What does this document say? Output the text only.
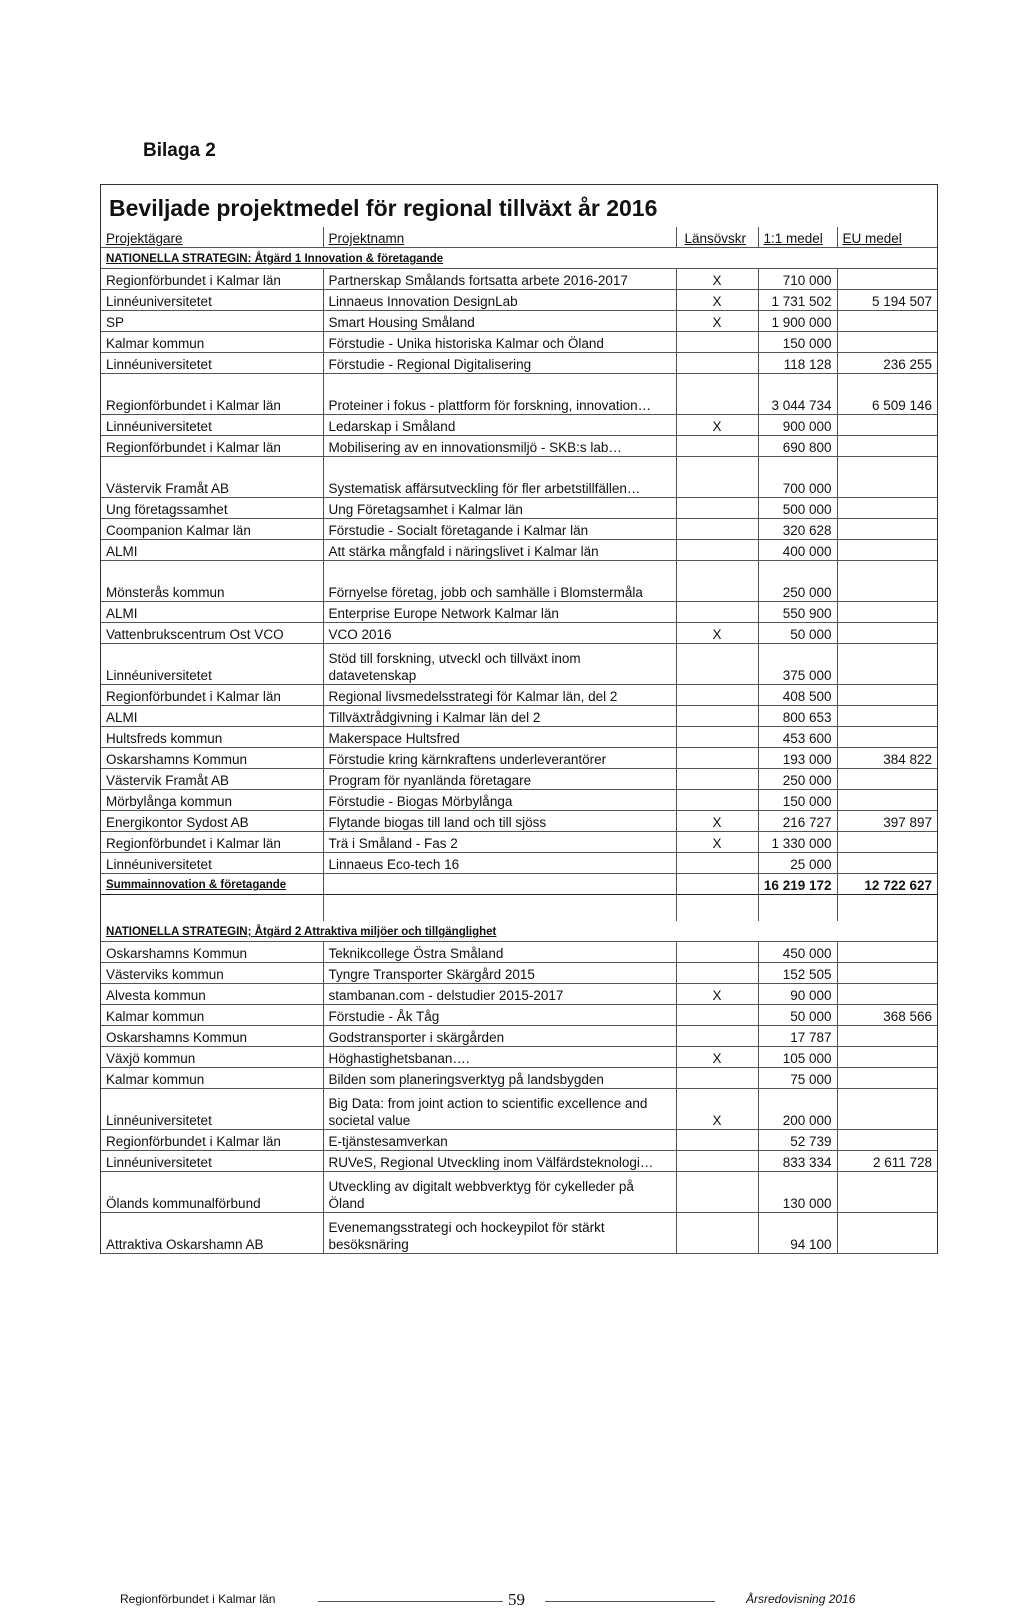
Bilaga 2
Beviljade projektmedel för regional tillväxt år 2016
Projektägare	Projektnamn	Länsövskr	1:1 medel	EU medel
NATIONELLA STRATEGIN: Åtgärd 1 Innovation & företagande				
Regionförbundet i Kalmar län	Partnerskap Smålands fortsatta arbete 2016-2017	X	710 000	
Linnéuniversitetet	Linnaeus Innovation DesignLab	X	1 731 502	5 194 507
SP	Smart Housing Småland	X	1 900 000	
Kalmar kommun	Förstudie - Unika historiska Kalmar och Öland		150 000	
Linnéuniversitetet	Förstudie - Regional Digitalisering		118 128	236 255
Regionförbundet i Kalmar län	Proteiner i fokus - plattform för forskning, innovation…		3 044 734	6 509 146
Linnéuniversitetet	Ledarskap i Småland	X	900 000	
Regionförbundet i Kalmar län	Mobilisering av en innovationsmiljö - SKB:s lab…		690 800	
Västervik Framåt AB	Systematisk affärsutveckling för fler arbetstillfällen…		700 000	
Ung företagssamhet	Ung Företagsamhet i Kalmar län		500 000	
Coompanion Kalmar län	Förstudie - Socialt företagande i Kalmar län		320 628	
ALMI	Att stärka mångfald i näringslivet i Kalmar län		400 000	
Mönsterås kommun	Förnyelse företag, jobb och samhälle i Blomstermåla		250 000	
ALMI	Enterprise Europe Network Kalmar län		550 900	
Vattenbrukscentrum Ost VCO	VCO 2016	X	50 000	
Linnéuniversitetet	Stöd till forskning, utveckl och tillväxt inom datavetenskap		375 000	
Regionförbundet i Kalmar län	Regional livsmedelsstrategi för Kalmar län, del 2		408 500	
ALMI	Tillväxtrådgivning i Kalmar län del 2		800 653	
Hultsfreds kommun	Makerspace Hultsfred		453 600	
Oskarshamns Kommun	Förstudie kring kärnkraftens underleverantörer		193 000	384 822
Västervik Framåt AB	Program för nyanlända företagare		250 000	
Mörbylånga kommun	Förstudie - Biogas Mörbylånga		150 000	
Energikontor Sydost AB	Flytande biogas till land och till sjöss	X	216 727	397 897
Regionförbundet i Kalmar län	Trä i Småland - Fas 2	X	1 330 000	
Linnéuniversitetet	Linnaeus Eco-tech 16		25 000	
Summainnovation & företagande			16 219 172	12 722 627

NATIONELLA STRATEGIN; Åtgärd 2 Attraktiva miljöer och tillgänglighet				
Oskarshamns Kommun	Teknikcollege Östra Småland		450 000	
Västerviks kommun	Tyngre Transporter Skärgård 2015		152 505	
Alvesta kommun	stambanan.com - delstudier 2015-2017	X	90 000	
Kalmar kommun	Förstudie - Åk Tåg		50 000	368 566
Oskarshamns Kommun	Godstransporter i skärgården		17 787	
Växjö kommun	Höghastighetsbanan….	X	105 000	
Kalmar kommun	Bilden som planeringsverktyg på landsbygden		75 000	
Linnéuniversitetet	Big Data: from joint action to scientific excellence and societal value	X	200 000	
Regionförbundet i Kalmar län	E-tjänstesamverkan		52 739	
Linnéuniversitetet	RUVeS, Regional Utveckling inom Välfärdsteknologi…		833 334	2 611 728
Ölands kommunalförbund	Utveckling av digitalt webbverktyg för cykelleder på Öland		130 000	
Attraktiva Oskarshamn AB	Evenemangsstrategi och hockeypilot för stärkt besöksnäring		94 100	
Regionförbundet i Kalmar län	59	Årsredovisning 2016
